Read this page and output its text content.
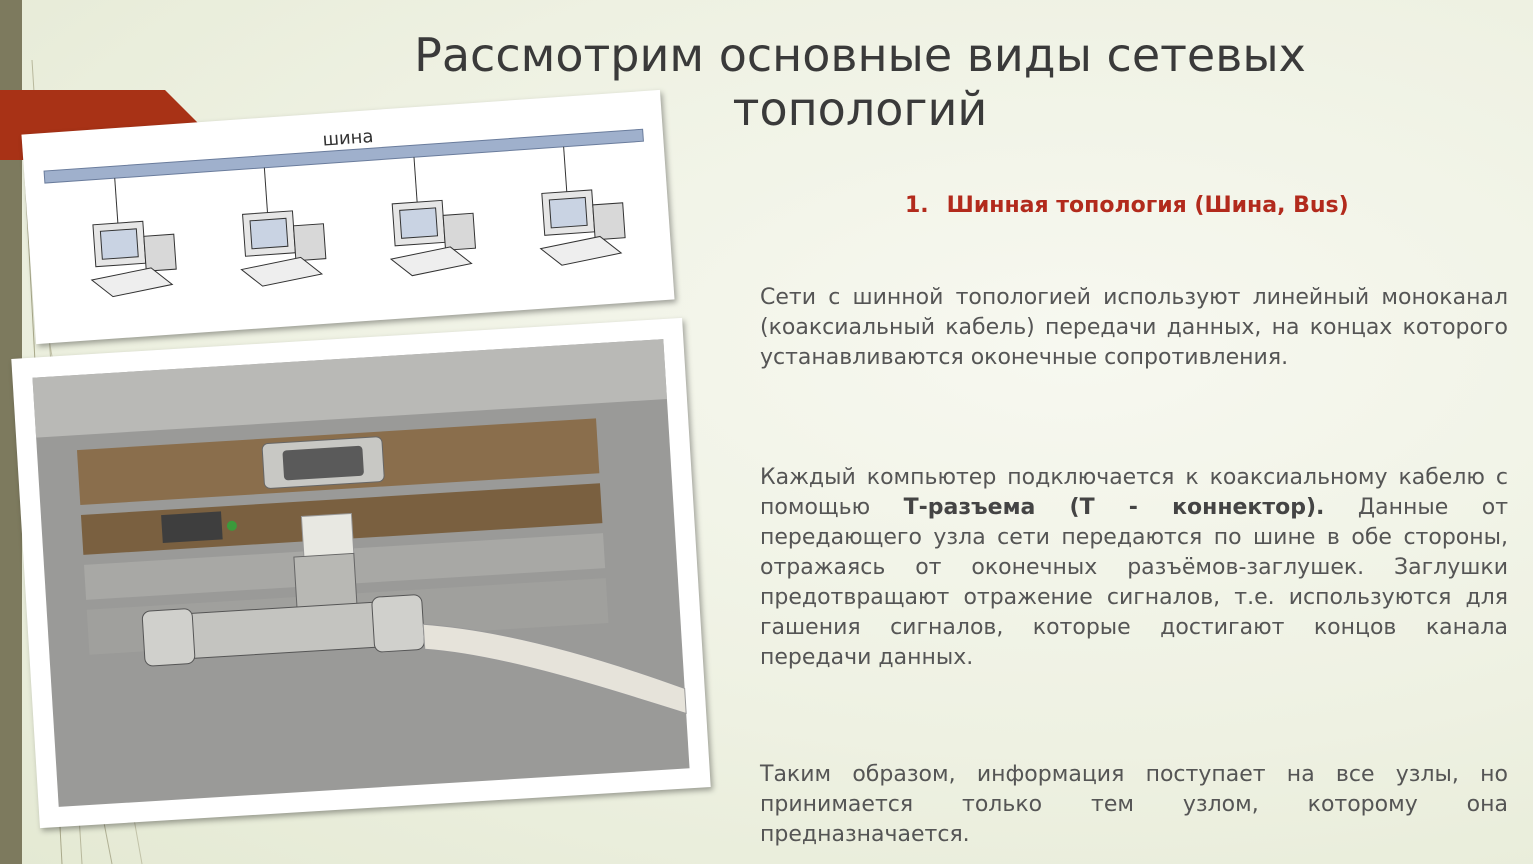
Рассмотрим основные виды сетевых топологий
1. Шинная топология (Шина, Bus)
Сети с шинной топологией используют линейный моноканал (коаксиальный кабель) передачи данных, на концах которого устанавливаются оконечные сопротивления.
Каждый компьютер подключается к коаксиальному кабелю с помощью Т-разъема (Т - коннектор). Данные от передающего узла сети передаются по шине в обе стороны, отражаясь от оконечных разъёмов-заглушек. Заглушки предотвращают отражение сигналов, т.е. используются для гашения сигналов, которые достигают концов канала передачи данных.
Таким образом, информация поступает на все узлы, но принимается только тем узлом, которому она предназначается.
шина
